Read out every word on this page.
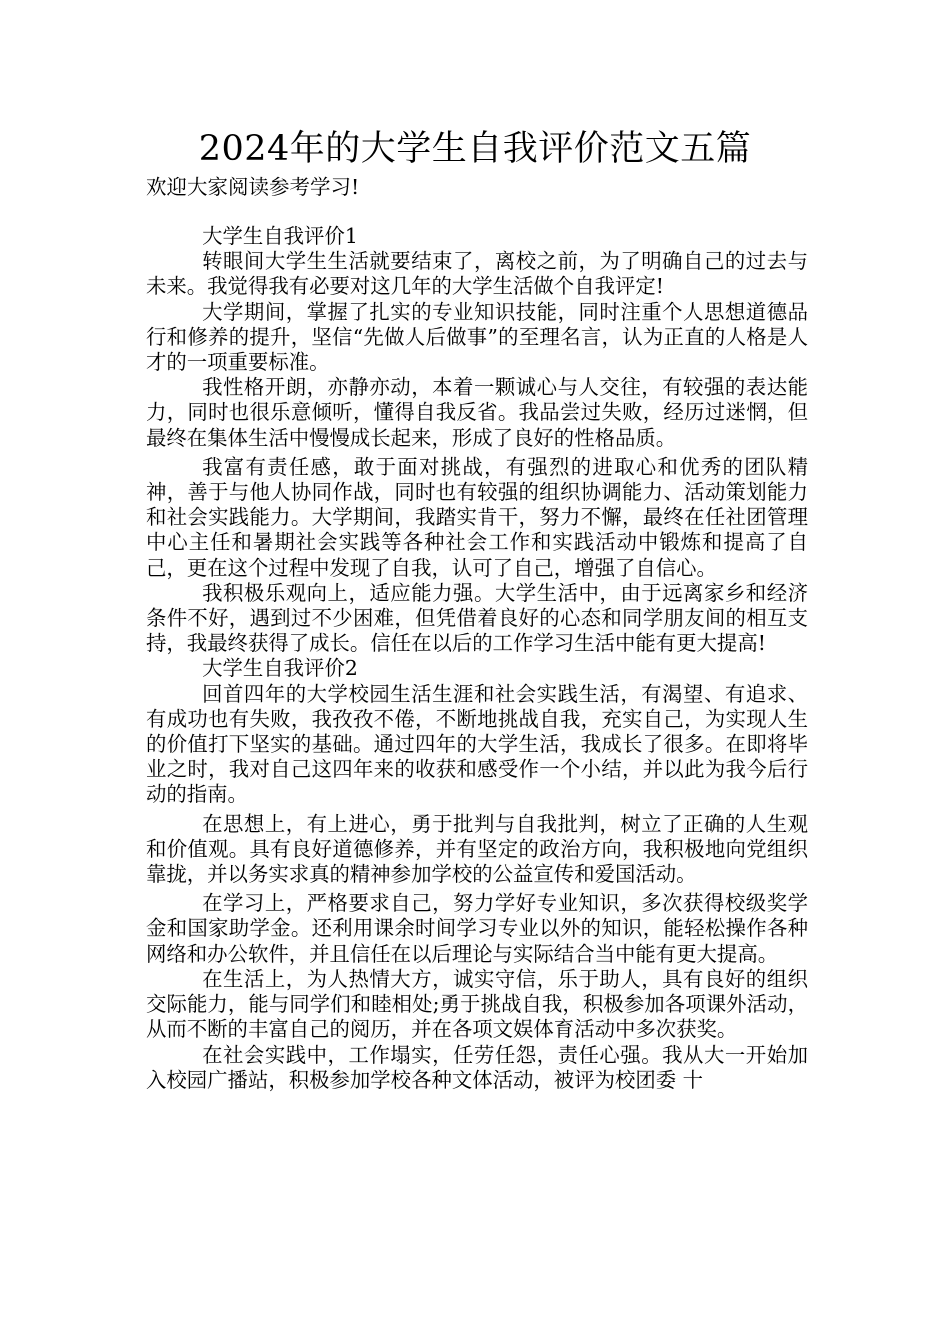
2024年的大学生自我评价范文五篇

欢迎大家阅读参考学习!

大学生自我评价1

转眼间大学生生活就要结束了，离校之前，为了明确自己的过去与未来。我觉得我有必要对这几年的大学生活做个自我评定!

大学期间，掌握了扎实的专业知识技能，同时注重个人思想道德品行和修养的提升，坚信“先做人后做事”的至理名言，认为正直的人格是人才的一项重要标准。

我性格开朗，亦静亦动，本着一颗诚心与人交往，有较强的表达能力，同时也很乐意倾听，懂得自我反省。我品尝过失败，经历过迷惘，但最终在集体生活中慢慢成长起来，形成了良好的性格品质。

我富有责任感，敢于面对挑战，有强烈的进取心和优秀的团队精神，善于与他人协同作战，同时也有较强的组织协调能力、活动策划能力和社会实践能力。大学期间，我踏实肯干，努力不懈，最终在任社团管理中心主任和暑期社会实践等各种社会工作和实践活动中锻炼和提高了自己，更在这个过程中发现了自我，认可了自己，增强了自信心。

我积极乐观向上，适应能力强。大学生活中，由于远离家乡和经济条件不好，遇到过不少困难，但凭借着良好的心态和同学朋友间的相互支持，我最终获得了成长。信任在以后的工作学习生活中能有更大提高!

大学生自我评价2

回首四年的大学校园生活生涯和社会实践生活，有渴望、有追求、有成功也有失败，我孜孜不倦，不断地挑战自我，充实自己，为实现人生的价值打下坚实的基础。通过四年的大学生活，我成长了很多。在即将毕业之时，我对自己这四年来的收获和感受作一个小结，并以此为我今后行动的指南。

在思想上，有上进心，勇于批判与自我批判，树立了正确的人生观和价值观。具有良好道德修养，并有坚定的政治方向，我积极地向党组织靠拢，并以务实求真的精神参加学校的公益宣传和爱国活动。

在学习上，严格要求自己，努力学好专业知识，多次获得校级奖学金和国家助学金。还利用课余时间学习专业以外的知识，能轻松操作各种网络和办公软件，并且信任在以后理论与实际结合当中能有更大提高。

在生活上，为人热情大方，诚实守信，乐于助人，具有良好的组织交际能力，能与同学们和睦相处;勇于挑战自我，积极参加各项课外活动，从而不断的丰富自己的阅历，并在各项文娱体育活动中多次获奖。

在社会实践中，工作塌实，任劳任怨，责任心强。我从大一开始加入校园广播站，积极参加学校各种文体活动，被评为校团委 十
